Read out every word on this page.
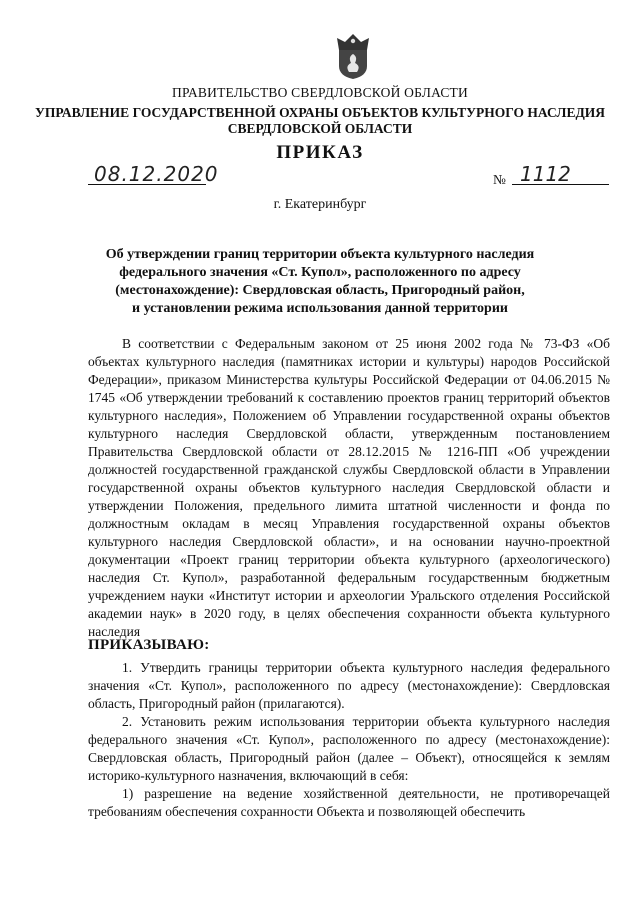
ПРАВИТЕЛЬСТВО СВЕРДЛОВСКОЙ ОБЛАСТИ
УПРАВЛЕНИЕ ГОСУДАРСТВЕННОЙ ОХРАНЫ ОБЪЕКТОВ КУЛЬТУРНОГО НАСЛЕДИЯ
СВЕРДЛОВСКОЙ ОБЛАСТИ
ПРИКАЗ
08.12.2020	№ 1112
г. Екатеринбург
Об утверждении границ территории объекта культурного наследия
федерального значения «Ст. Купол», расположенного по адресу
(местонахождение): Свердловская область, Пригородный район,
и установлении режима использования данной территории

В соответствии с Федеральным законом от 25 июня 2002 года № 73-ФЗ «Об объектах культурного наследия (памятниках истории и культуры) народов Российской Федерации», приказом Министерства культуры Российской Федерации от 04.06.2015 № 1745 «Об утверждении требований к составлению проектов границ территорий объектов культурного наследия», Положением об Управлении государственной охраны объектов культурного наследия Свердловской области, утвержденным постановлением Правительства Свердловской области от 28.12.2015 № 1216-ПП «Об учреждении должностей государственной гражданской службы Свердловской области в Управлении государственной охраны объектов культурного наследия Свердловской области и утверждении Положения, предельного лимита штатной численности и фонда по должностным окладам в месяц Управления государственной охраны объектов культурного наследия Свердловской области», и на основании научно-проектной документации «Проект границ территории объекта культурного (археологического) наследия Ст. Купол», разработанной федеральным государственным бюджетным учреждением науки «Институт истории и археологии Уральского отделения Российской академии наук» в 2020 году, в целях обеспечения сохранности объекта культурного наследия

ПРИКАЗЫВАЮ:

1. Утвердить границы территории объекта культурного наследия федерального значения «Ст. Купол», расположенного по адресу (местонахождение): Свердловская область, Пригородный район (прилагаются).

2. Установить режим использования территории объекта культурного наследия федерального значения «Ст. Купол», расположенного по адресу (местонахождение): Свердловская область, Пригородный район (далее – Объект), относящейся к землям историко-культурного назначения, включающий в себя:

1) разрешение на ведение хозяйственной деятельности, не противоречащей требованиям обеспечения сохранности Объекта и позволяющей обеспечить
